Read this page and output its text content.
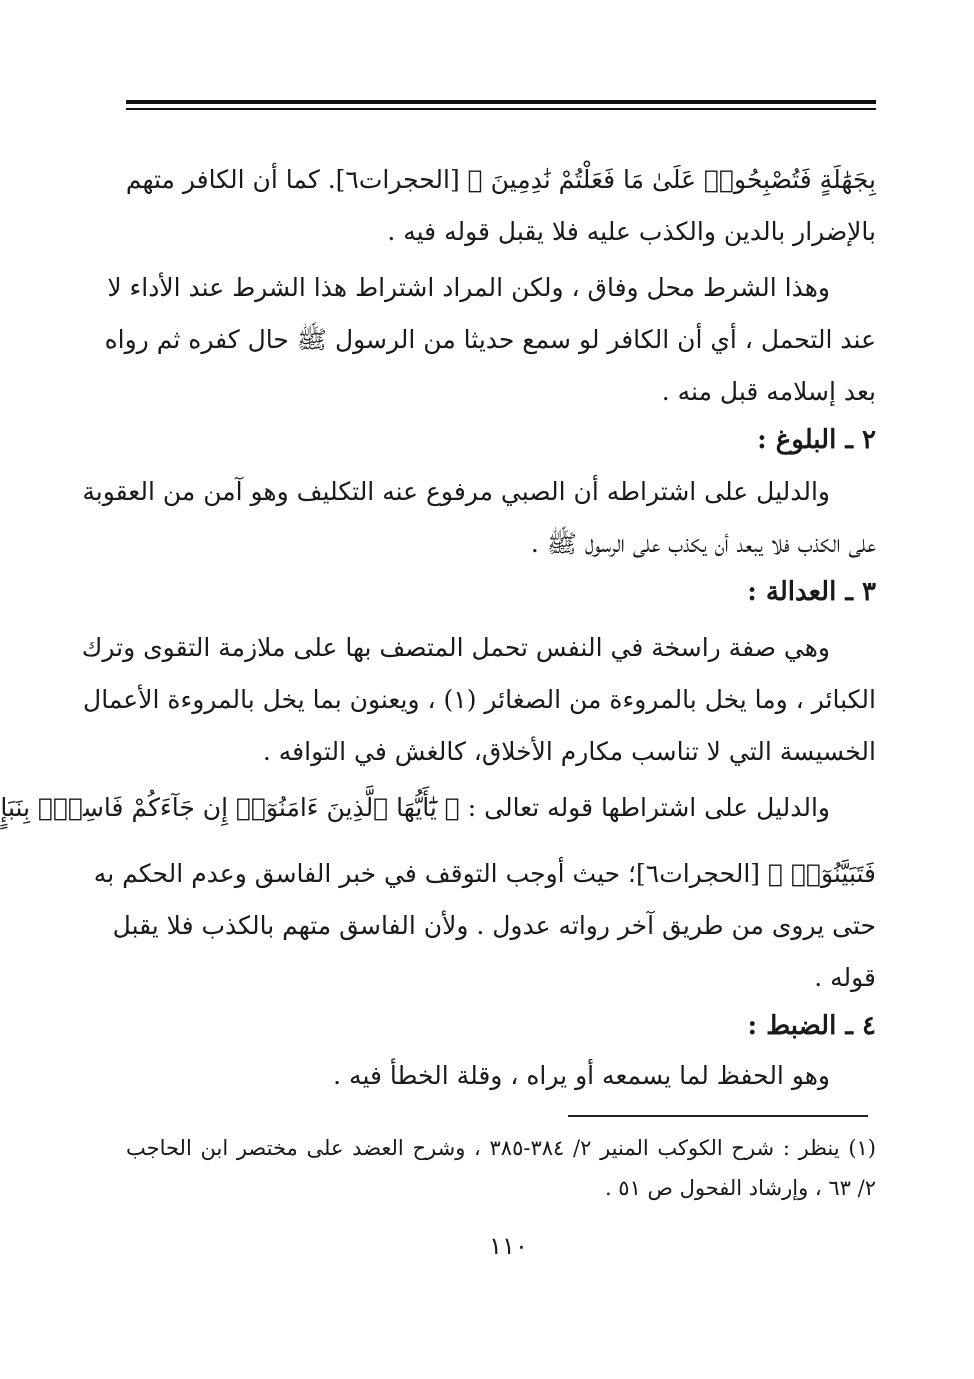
بِجَهَٰلَةٍ فَتُصْبِحُوا۟ عَلَىٰ مَا فَعَلْتُمْ نَٰدِمِينَ ﴾ [الحجرات٦]. كما أن الكافر متهم
بالإضرار بالدين والكذب عليه فلا يقبل قوله فيه .
وهذا الشرط محل وفاق ، ولكن المراد اشتراط هذا الشرط عند الأداء لا
عند التحمل ، أي أن الكافر لو سمع حديثا من الرسول ﷺ حال كفره ثم رواه
بعد إسلامه قبل منه .
٢ ـ البلوغ :
والدليل على اشتراطه أن الصبي مرفوع عنه التكليف وهو آمن من العقوبة
على الكذب فلا يبعد أن يكذب على الرسول ﷺ .
٣ ـ العدالة :
وهي صفة راسخة في النفس تحمل المتصف بها على ملازمة التقوى وترك
الكبائر ، وما يخل بالمروءة من الصغائر (١) ، ويعنون بما يخل بالمروءة الأعمال
الخسيسة التي لا تناسب مكارم الأخلاق، كالغش في التوافه .
والدليل على اشتراطها قوله تعالى : ﴿ يَٰٓأَيُّهَا ٱلَّذِينَ ءَامَنُوٓا۟ إِن جَآءَكُمْ فَاسِقٌۢ بِنَبَإٍ
فَتَبَيَّنُوٓا۟ ﴾ [الحجرات٦]؛ حيث أوجب التوقف في خبر الفاسق وعدم الحكم به
حتى يروى من طريق آخر رواته عدول . ولأن الفاسق متهم بالكذب فلا يقبل
قوله .
٤ ـ الضبط :
وهو الحفظ لما يسمعه أو يراه ، وقلة الخطأ فيه .
(١) ينظر : شرح الكوكب المنير ٢/ ٣٨٤-٣٨٥ ، وشرح العضد على مختصر ابن الحاجب
٢/ ٦٣ ، وإرشاد الفحول ص ٥١ .
١١٠
